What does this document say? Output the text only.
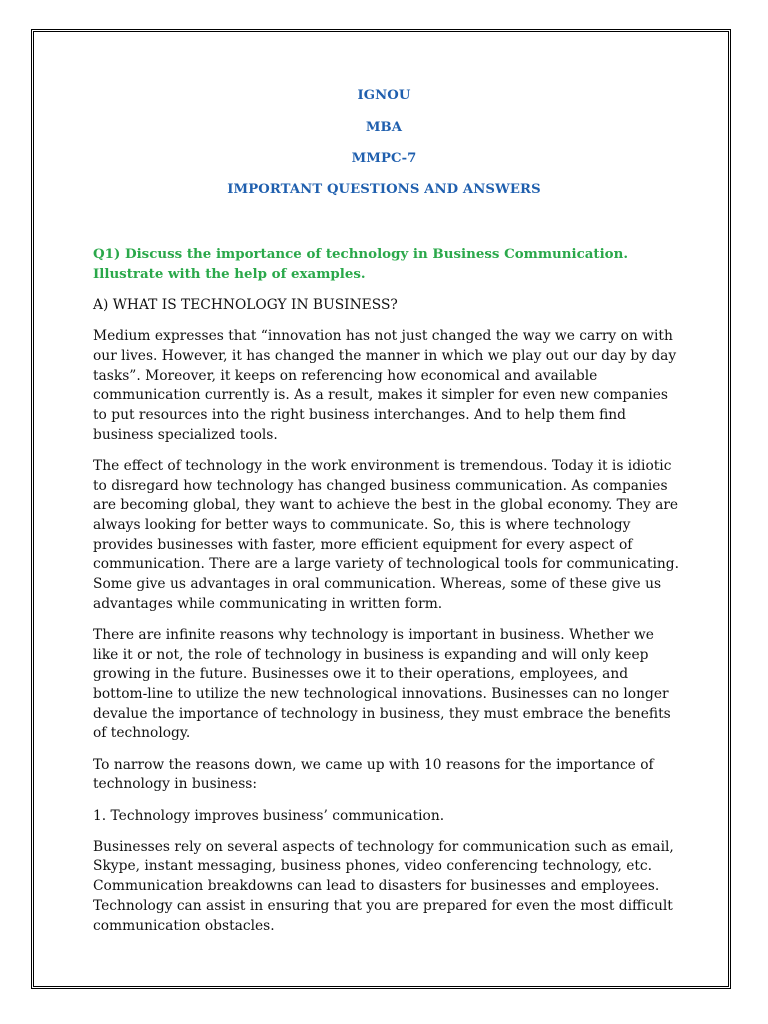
IGNOU
MBA
MMPC-7
IMPORTANT QUESTIONS AND ANSWERS

Q1) Discuss the importance of technology in Business Communication. Illustrate with the help of examples.

A) WHAT IS TECHNOLOGY IN BUSINESS?

Medium expresses that “innovation has not just changed the way we carry on with our lives. However, it has changed the manner in which we play out our day by day tasks”. Moreover, it keeps on referencing how economical and available communication currently is. As a result, makes it simpler for even new companies to put resources into the right business interchanges. And to help them find business specialized tools.

The effect of technology in the work environment is tremendous. Today it is idiotic to disregard how technology has changed business communication. As companies are becoming global, they want to achieve the best in the global economy. They are always looking for better ways to communicate. So, this is where technology provides businesses with faster, more efficient equipment for every aspect of communication. There are a large variety of technological tools for communicating. Some give us advantages in oral communication. Whereas, some of these give us advantages while communicating in written form.

There are infinite reasons why technology is important in business. Whether we like it or not, the role of technology in business is expanding and will only keep growing in the future. Businesses owe it to their operations, employees, and bottom-line to utilize the new technological innovations. Businesses can no longer devalue the importance of technology in business, they must embrace the benefits of technology.

To narrow the reasons down, we came up with 10 reasons for the importance of technology in business:

1. Technology improves business’ communication.

Businesses rely on several aspects of technology for communication such as email, Skype, instant messaging, business phones, video conferencing technology, etc. Communication breakdowns can lead to disasters for businesses and employees. Technology can assist in ensuring that you are prepared for even the most difficult communication obstacles.
